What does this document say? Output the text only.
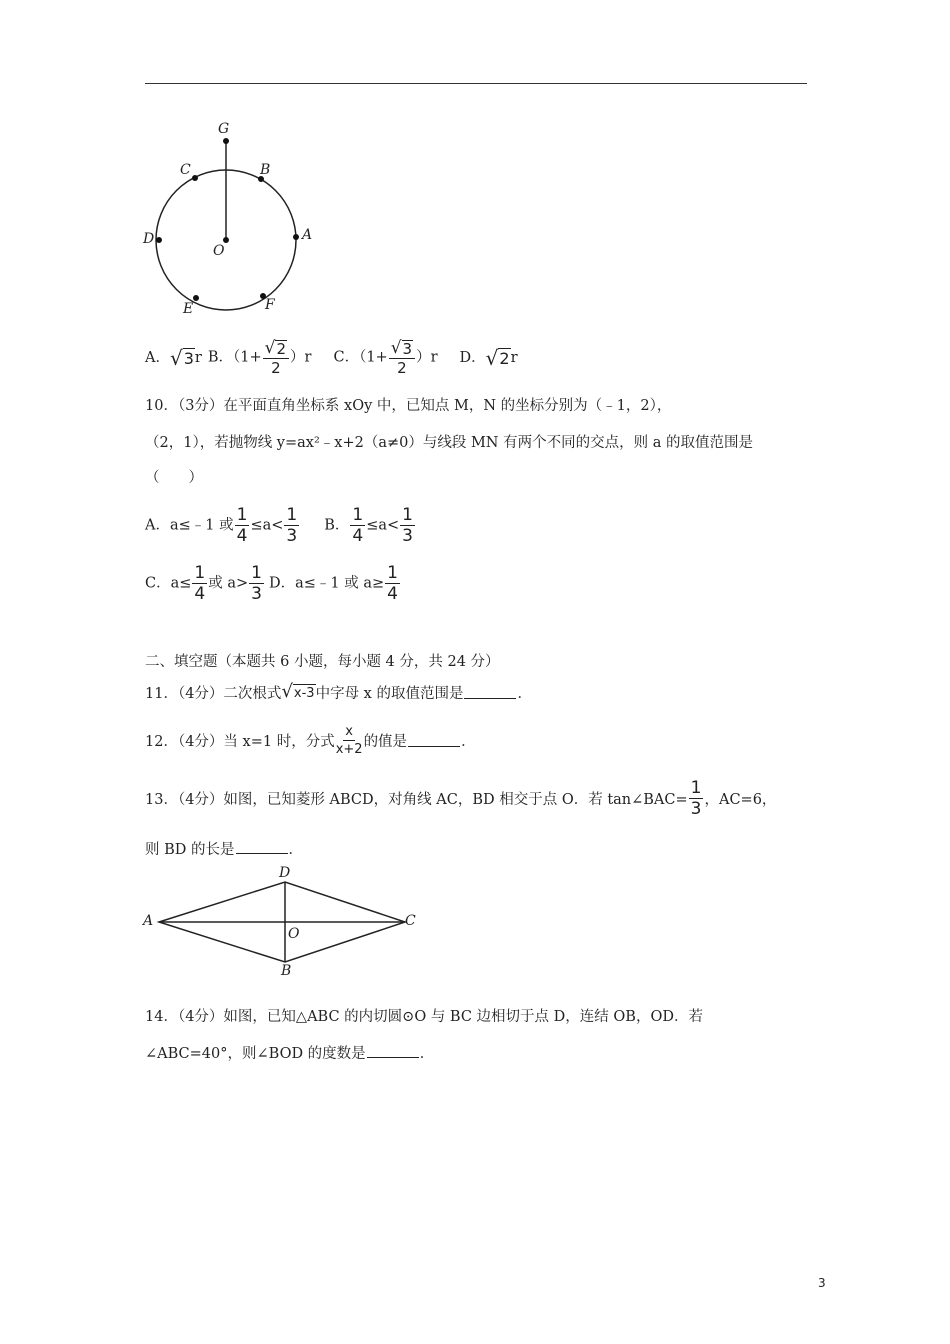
G
C	B
D
O
A
E	F
A． √ 3 r B．$(1+ \frac{√ 2}{2} )r$ C．$(1+ \frac{√ 3}{2} )r$ D． √ 2 r
10．（3分）在平面直角坐标系 xOy 中，已知点 M，N 的坐标分别为（﹣1，2），
（2，1），若抛物线 y=ax²﹣x+2（a≠0）与线段 MN 有两个不同的交点，则 a 的取值范围是
（　　）
A．a≤﹣1 或 $\frac{1}{4} \le a< \frac{1}{3}$ B． $\frac{1}{4} \le a< \frac{1}{3}$
C．$a\le \frac{1}{4}$ 或 $a> \frac{1}{3}$ D．a≤﹣1 或 $a\ge \frac{1}{4}$
二、填空题（本题共 6 小题，每小题 4 分，共 24 分）
11．（4分）二次根式 √ x-3 中字母 x 的取值范围是	．
12．（4分）当 x=1 时，分式 $\frac{x}{x+2}$ 的值是	．
13．（4分）如图，已知菱形 ABCD，对角线 AC，BD 相交于点 O．若 tan∠BAC= $\frac{1}{3}$ ，AC=6，
则 BD 的长是	．
A
D
C
O
B
14．（4分）如图，已知△ABC 的内切圆⊙O 与 BC 边相切于点 D，连结 OB，OD．若
∠ABC=40°，则∠BOD 的度数是	．
3
